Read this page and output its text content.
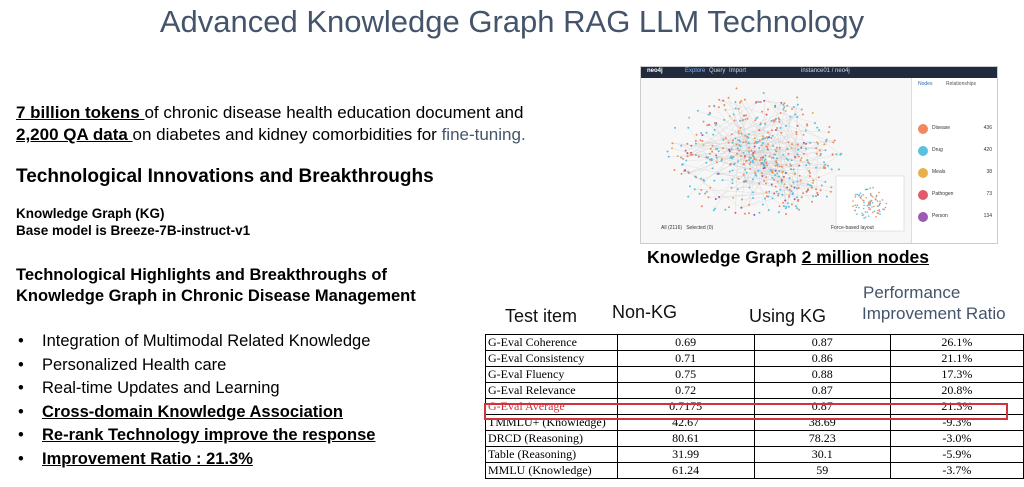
Advanced Knowledge Graph RAG LLM Technology
7 billion tokens of chronic disease health education document and
2,200 QA data on diabetes and kidney comorbidities for fine-tuning.
Technological Innovations and Breakthroughs
Knowledge Graph (KG)
Base model is Breeze-7B-instruct-v1
Technological Highlights and Breakthroughs of
Knowledge Graph in Chronic Disease Management
• Integration of Multimodal Related Knowledge
• Personalized Health care
• Real-time Updates and Learning
• Cross-domain Knowledge Association
• Re-rank Technology improve the response
• Improvement Ratio : 21.3%
neo4j	Explore Query Import	instance01 / neo4j
All (2116) Selected (0)	Force-based layout
Nodes	Relationships
Disease	436
Drug	420
Meals	38
Pathogen	73
Person	134
Knowledge Graph 2 million nodes
Test item Non-KG	Using KG
Performance
Improvement Ratio
G-Eval Coherence	0.69	0.87	26.1%
G-Eval Consistency	0.71	0.86	21.1%
G-Eval Fluency	0.75	0.88	17.3%
G-Eval Relevance	0.72	0.87	20.8%
G-Eval Average	0.7175	0.87	21.3%
TMMLU+ (Knowledge)	42.67	38.69	-9.3%
DRCD (Reasoning)	80.61	78.23	-3.0%
Table (Reasoning)	31.99	30.1	-5.9%
MMLU (Knowledge)	61.24	59	-3.7%
